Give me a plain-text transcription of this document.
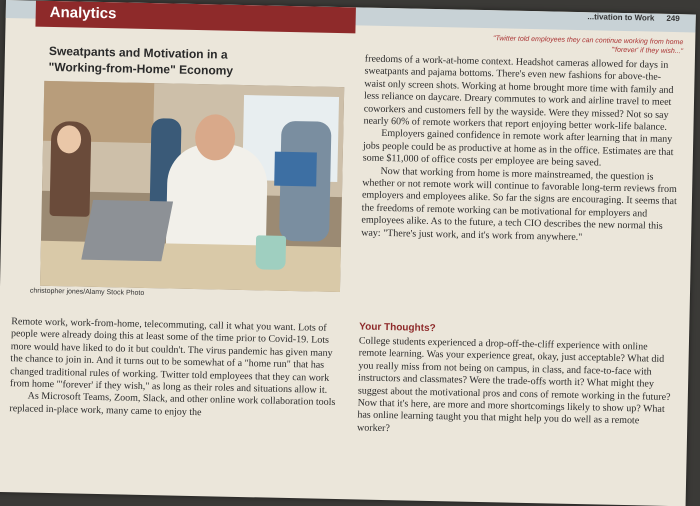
Analytics	...tivation to Work 249
"Twitter told employees they can continue working from home "'forever' if they wish..."
Sweatpants and Motivation in a
"Working-from-Home" Economy
christopher jones/Alamy Stock Photo

Remote work, work-from-home, telecommuting, call it what you want. Lots of people were already doing this at least some of the time prior to Covid-19. Lots more would have liked to do it but couldn't. The virus pandemic has given many the chance to join in. And it turns out to be somewhat of a "home run" that has changed traditional rules of working. Twitter told employees that they can work from home "'forever' if they wish," as long as their roles and situations allow it.

As Microsoft Teams, Zoom, Slack, and other online work collaboration tools replaced in-place work, many came to enjoy the

freedoms of a work-at-home context. Headshot cameras allowed for days in sweatpants and pajama bottoms. There's even new fashions for above-the-waist only screen shots. Working at home brought more time with family and less reliance on daycare. Dreary commutes to work and airline travel to meet coworkers and customers fell by the wayside. Were they missed? Not so say nearly 60% of remote workers that report enjoying better work-life balance.

Employers gained confidence in remote work after learning that in many jobs people could be as productive at home as in the office. Estimates are that some $11,000 of office costs per employee are being saved.

Now that working from home is more mainstreamed, the question is whether or not remote work will continue to favorable long-term reviews from employers and employees alike. So far the signs are encouraging. It seems that the freedoms of remote working can be motivational for employers and employees alike. As to the future, a tech CIO describes the new normal this way: "There's just work, and it's work from anywhere."

Your Thoughts?

College students experienced a drop-off-the-cliff experience with online remote learning. Was your experience great, okay, just acceptable? What did you really miss from not being on campus, in class, and face-to-face with instructors and classmates? Were the trade-offs worth it? What might they suggest about the motivational pros and cons of remote working in the future? Now that it's here, are more and more shortcomings likely to show up? What has online learning taught you that might help you do well as a remote worker?
